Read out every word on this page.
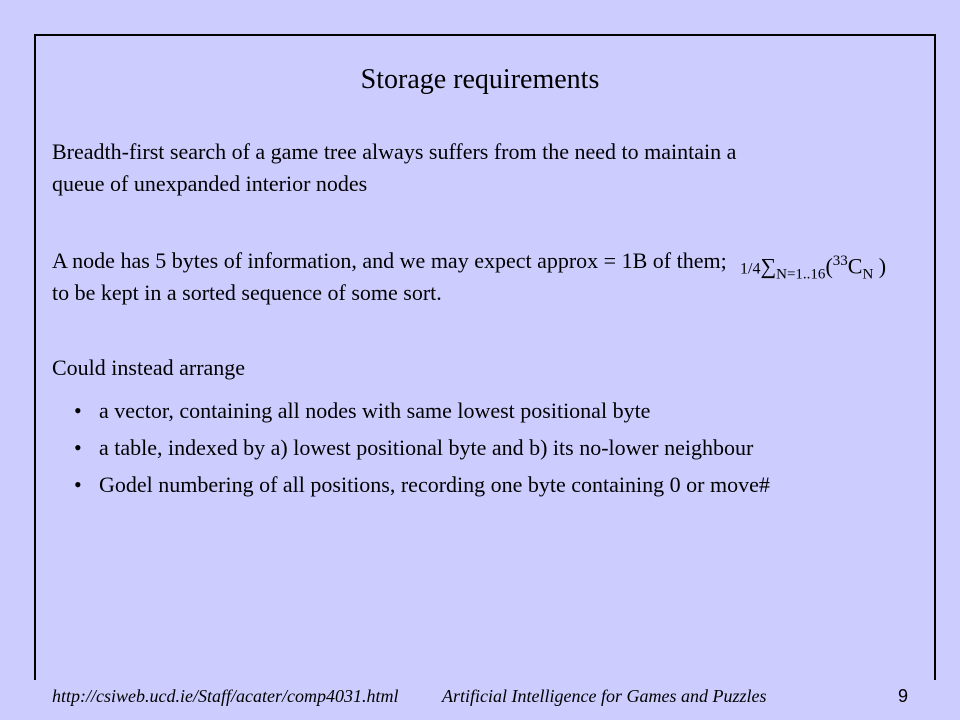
Storage requirements
Breadth-first search of a game tree always suffers from the need to maintain a queue of unexpanded interior nodes
A node has 5 bytes of information, and we may expect approx = 1B of them; to be kept in a sorted sequence of some sort.
$1/4\sum_{N=1..16}(^{33}C_N$ )
Could instead arrange
• a vector, containing all nodes with same lowest positional byte
• a table, indexed by a) lowest positional byte and b) its no-lower neighbour
• Godel numbering of all positions, recording one byte containing 0 or move#
http://csiweb.ucd.ie/Staff/acater/comp4031.html Artificial Intelligence for Games and Puzzles	9
